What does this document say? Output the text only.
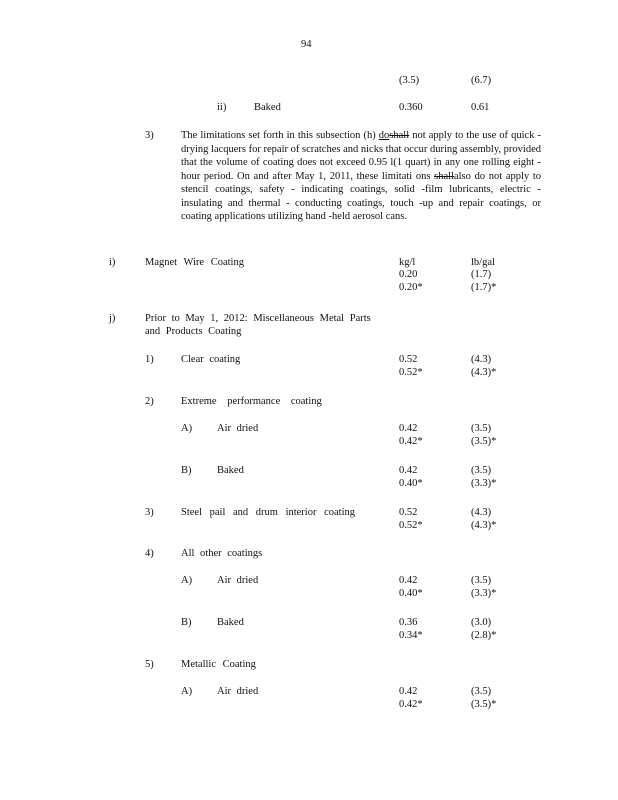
94
(3.5)	(6.7)
ii)	Baked	0.360	0.61
3)	The limitations set forth in this subsection (h) doshall not apply to the use of quick -drying lacquers for repair of scratches and nicks that occur during assembly, provided that the volume of coating does not exceed 0.95 l(1 quart) in any one rolling eight -hour period. On and after May 1, 2011, these limitati ons shallalso do not apply to stencil coatings, safety - indicating coatings, solid -film lubricants, electric -insulating and thermal - conducting coatings, touch -up and repair coatings, or coating applications utilizing hand -held aerosol cans.
i)	Magnet Wire Coating	kg/l	lb/gal
0.20	(1.7)
0.20*	(1.7)*
j)	Prior to May 1, 2012: Miscellaneous Metal Parts
and Products Coating
1)	Clear coating	0.52	(4.3)
0.52*	(4.3)*
2)	Extreme performance coating
A) Air dried	0.42	(3.5)
0.42*	(3.5)*
B) Baked	0.42	(3.5)
0.40*	(3.3)*
3)	Steel pail and drum interior coating	0.52	(4.3)
0.52*	(4.3)*
4)	All other coatings
A) Air dried	0.42	(3.5)
0.40*	(3.3)*
B) Baked	0.36	(3.0)
0.34*	(2.8)*
5)	Metallic Coating
A) Air dried	0.42	(3.5)
0.42*	(3.5)*
